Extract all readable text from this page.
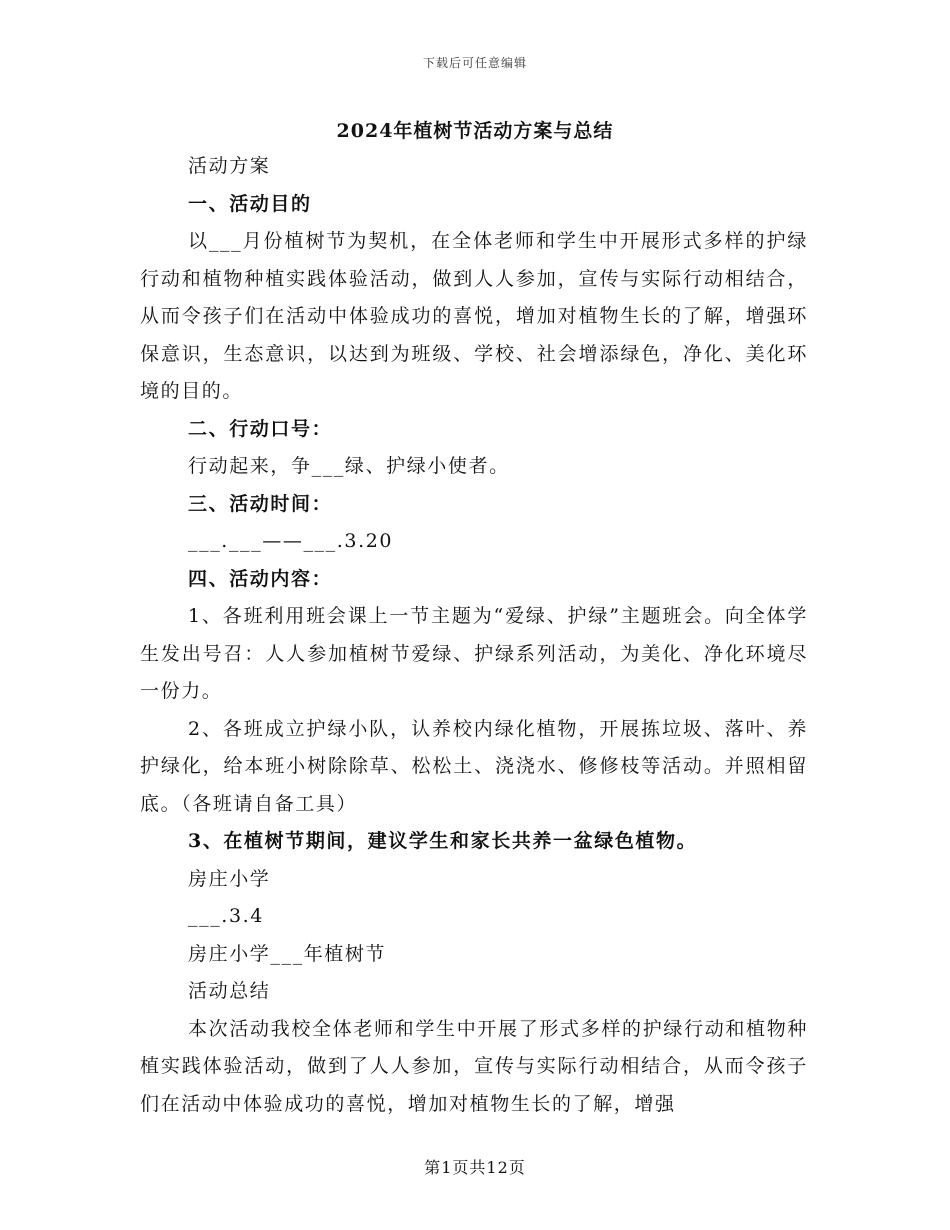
下载后可任意编辑
2024年植树节活动方案与总结

活动方案

一、活动目的

以___月份植树节为契机，在全体老师和学生中开展形式多样的护绿行动和植物种植实践体验活动，做到人人参加，宣传与实际行动相结合，从而令孩子们在活动中体验成功的喜悦，增加对植物生长的了解，增强环保意识，生态意识，以达到为班级、学校、社会增添绿色，净化、美化环境的目的。

二、行动口号：

行动起来，争___绿、护绿小使者。

三、活动时间：

___.___——___.3.20

四、活动内容：

1、各班利用班会课上一节主题为“爱绿、护绿”主题班会。向全体学生发出号召：人人参加植树节爱绿、护绿系列活动，为美化、净化环境尽一份力。

2、各班成立护绿小队，认养校内绿化植物，开展拣垃圾、落叶、养护绿化，给本班小树除除草、松松土、浇浇水、修修枝等活动。并照相留底。（各班请自备工具）

3、在植树节期间，建议学生和家长共养一盆绿色植物。

房庄小学

___.3.4

房庄小学___年植树节

活动总结

本次活动我校全体老师和学生中开展了形式多样的护绿行动和植物种植实践体验活动，做到了人人参加，宣传与实际行动相结合，从而令孩子们在活动中体验成功的喜悦，增加对植物生长的了解，增强

第1页共12页
